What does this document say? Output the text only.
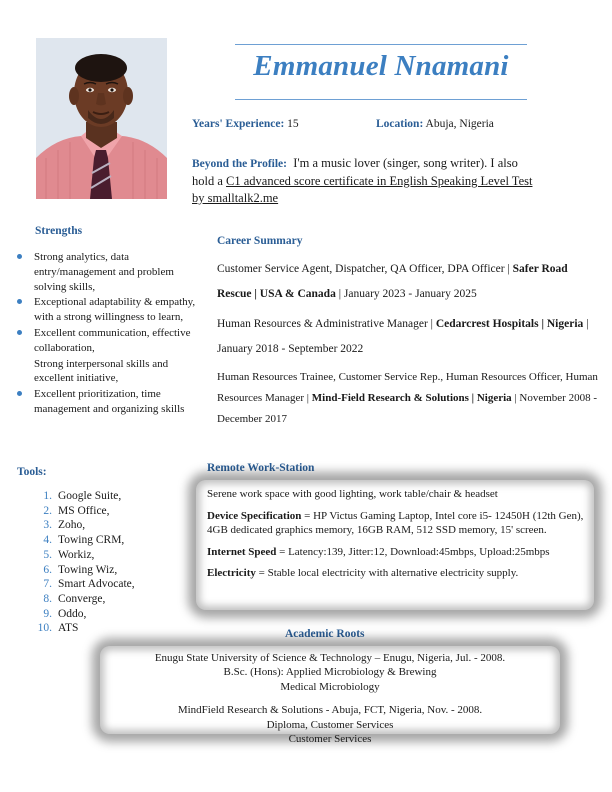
Emmanuel Nnamani
Years' Experience: 15	Location: Abuja, Nigeria
Beyond the Profile: I'm a music lover (singer, song writer). I also
hold a C1 advanced score certificate in English Speaking Level Test
by smalltalk2.me
Strengths
Strong analytics, data entry/management and problem solving skills,
Exceptional adaptability & empathy, with a strong willingness to learn,
Excellent communication, effective collaboration,
Strong interpersonal skills and excellent initiative,
Excellent prioritization, time management and organizing skills
Tools:
1. Google Suite,
2. MS Office,
3. Zoho,
4. Towing CRM,
5. Workiz,
6. Towing Wiz,
7. Smart Advocate,
8. Converge,
9. Oddo,
10. ATS
Career Summary

Customer Service Agent, Dispatcher, QA Officer, DPA Officer | Safer Road Rescue | USA & Canada | January 2023 - January 2025

Human Resources & Administrative Manager | Cedarcrest Hospitals | Nigeria | January 2018 - September 2022

Human Resources Trainee, Customer Service Rep., Human Resources Officer, Human Resources Manager | Mind-Field Research & Solutions | Nigeria | November 2008 - December 2017

Remote Work-Station

Serene work space with good lighting, work table/chair & headset

Device Specification = HP Victus Gaming Laptop, Intel core i5- 12450H (12th Gen), 4GB dedicated graphics memory, 16GB RAM, 512 SSD memory, 15' screen.

Internet Speed = Latency:139, Jitter:12, Download:45mbps, Upload:25mbps

Electricity = Stable local electricity with alternative electricity supply.

Academic Roots

Enugu State University of Science & Technology – Enugu, Nigeria, Jul. - 2008.

B.Sc. (Hons): Applied Microbiology & Brewing

Medical Microbiology

MindField Research & Solutions - Abuja, FCT, Nigeria, Nov. - 2008.

Diploma, Customer Services

Customer Services
